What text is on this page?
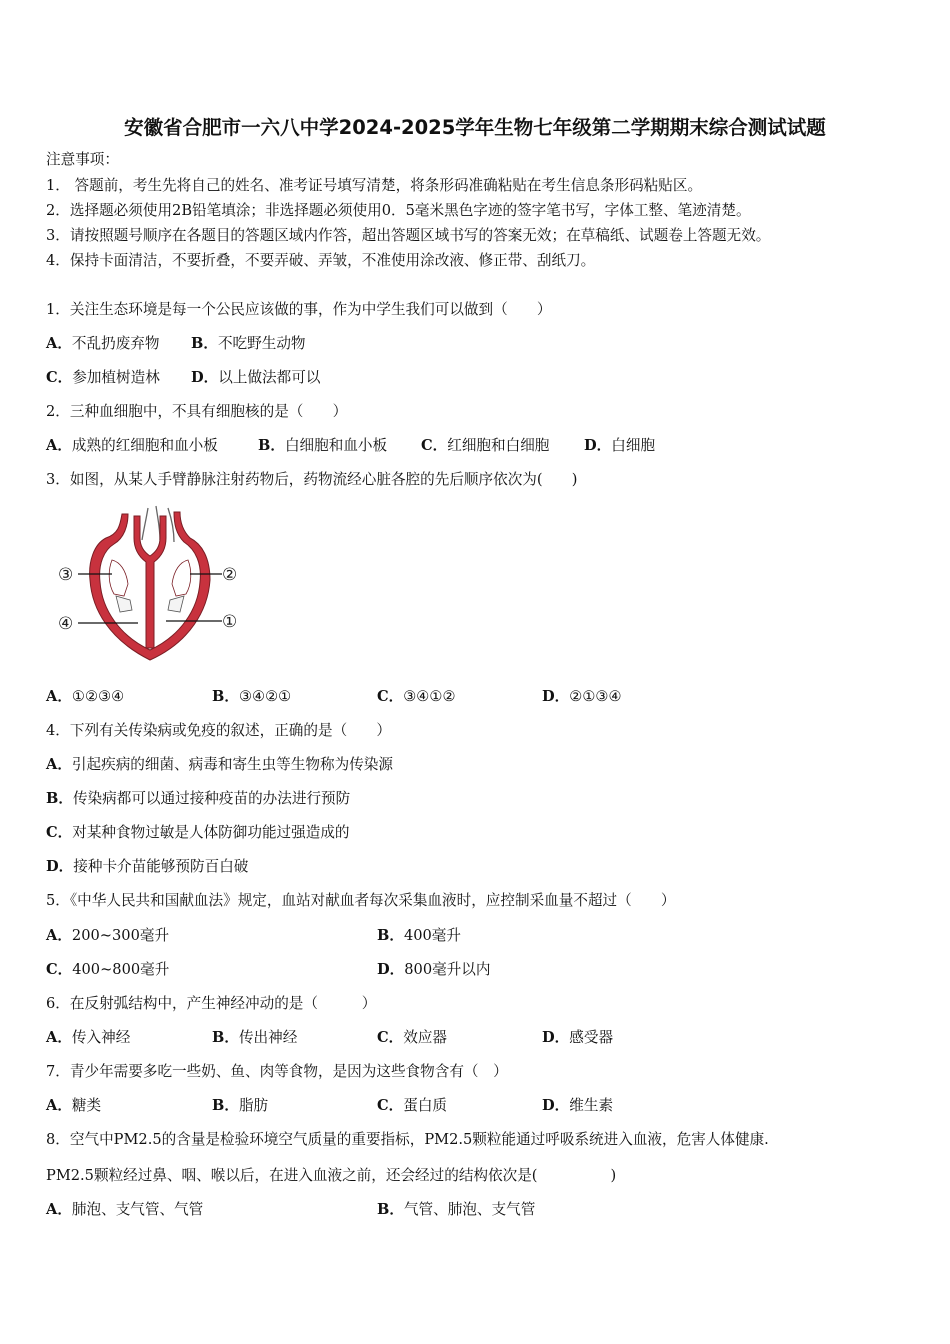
安徽省合肥市一六八中学2024-2025学年生物七年级第二学期期末综合测试试题
注意事项：
1． 答题前，考生先将自己的姓名、准考证号填写清楚，将条形码准确粘贴在考生信息条形码粘贴区。
2．选择题必须使用2B铅笔填涂；非选择题必须使用0．5毫米黑色字迹的签字笔书写，字体工整、笔迹清楚。
3．请按照题号顺序在各题目的答题区域内作答，超出答题区域书写的答案无效；在草稿纸、试题卷上答题无效。
4．保持卡面清洁，不要折叠，不要弄破、弄皱，不准使用涂改液、修正带、刮纸刀。
1．关注生态环境是每一个公民应该做的事，作为中学生我们可以做到（　　）
A．不乱扔废弃物 B．不吃野生动物
C．参加植树造林 D．以上做法都可以
2．三种血细胞中，不具有细胞核的是（　　）
A．成熟的红细胞和血小板	B．白细胞和血小板 C．红细胞和白细胞 D．白细胞
3．如图，从某人手臂静脉注射药物后，药物流经心脏各腔的先后顺序依次为(　　)
③	②
④	①
A．①②③④	B．③④②①	C．③④①②	D．②①③④
4．下列有关传染病或免疫的叙述，正确的是（　　）
A．引起疾病的细菌、病毒和寄生虫等生物称为传染源
B．传染病都可以通过接种疫苗的办法进行预防
C．对某种食物过敏是人体防御功能过强造成的
D．接种卡介苗能够预防百白破
5．《中华人民共和国献血法》规定，血站对献血者每次采集血液时，应控制采血量不超过（　　）
A．200~300毫升	B．400毫升
C．400~800毫升	D．800毫升以内
6．在反射弧结构中，产生神经冲动的是（　　　）
A．传入神经	B．传出神经	C．效应器	D．感受器
7．青少年需要多吃一些奶、鱼、肉等食物，是因为这些食物含有（　）
A．糖类	B．脂肪	C．蛋白质	D．维生素
8．空气中PM2.5的含量是检验环境空气质量的重要指标，PM2.5颗粒能通过呼吸系统进入血液，危害人体健康.
PM2.5颗粒经过鼻、咽、喉以后，在进入血液之前，还会经过的结构依次是(　　　　　)
A．肺泡、支气管、气管	B．气管、肺泡、支气管
